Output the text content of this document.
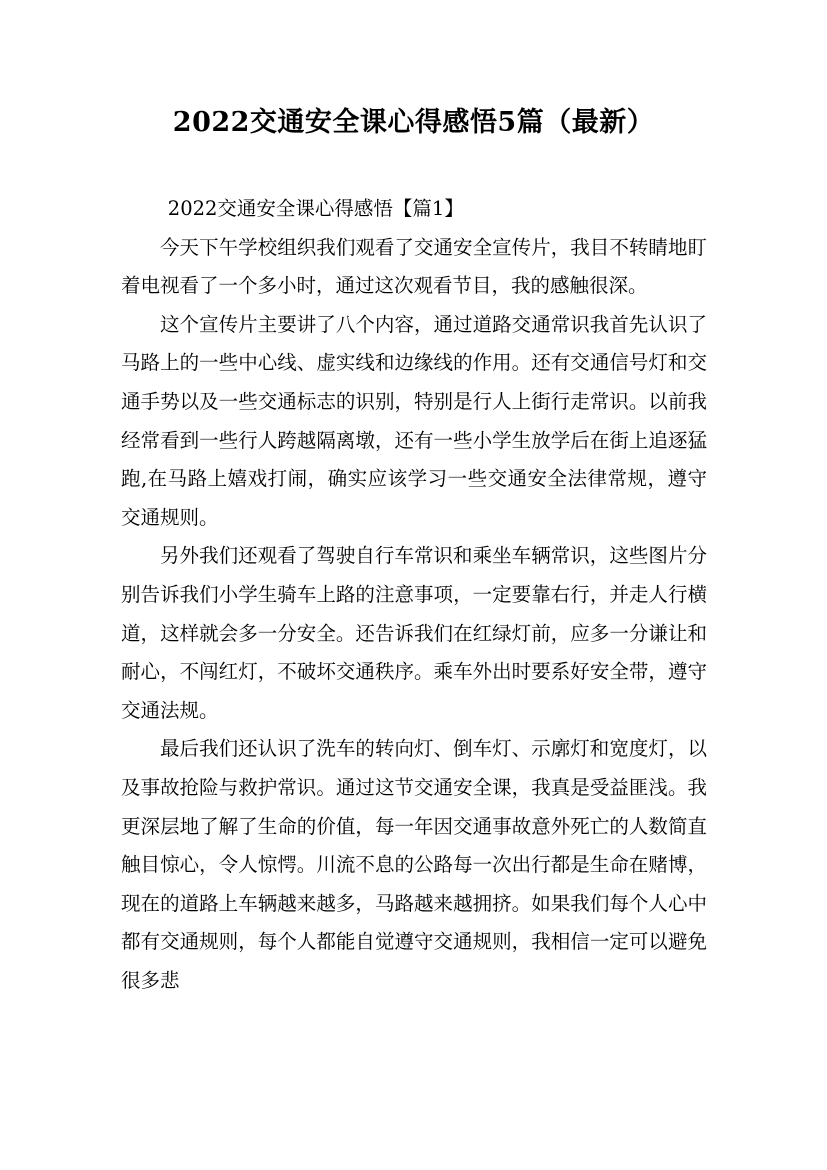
2022交通安全课心得感悟5篇（最新）

2022交通安全课心得感悟【篇1】

今天下午学校组织我们观看了交通安全宣传片，我目不转睛地盯着电视看了一个多小时，通过这次观看节目，我的感触很深。

这个宣传片主要讲了八个内容，通过道路交通常识我首先认识了马路上的一些中心线、虚实线和边缘线的作用。还有交通信号灯和交通手势以及一些交通标志的识别，特别是行人上街行走常识。以前我经常看到一些行人跨越隔离墩，还有一些小学生放学后在街上追逐猛跑,在马路上嬉戏打闹，确实应该学习一些交通安全法律常规，遵守交通规则。

另外我们还观看了驾驶自行车常识和乘坐车辆常识，这些图片分别告诉我们小学生骑车上路的注意事项，一定要靠右行，并走人行横道，这样就会多一分安全。还告诉我们在红绿灯前，应多一分谦让和耐心，不闯红灯，不破坏交通秩序。乘车外出时要系好安全带，遵守交通法规。

最后我们还认识了洗车的转向灯、倒车灯、示廓灯和宽度灯，以及事故抢险与救护常识。通过这节交通安全课，我真是受益匪浅。我更深层地了解了生命的价值，每一年因交通事故意外死亡的人数简直触目惊心，令人惊愕。川流不息的公路每一次出行都是生命在赌博，现在的道路上车辆越来越多，马路越来越拥挤。如果我们每个人心中都有交通规则，每个人都能自觉遵守交通规则，我相信一定可以避免很多悲
